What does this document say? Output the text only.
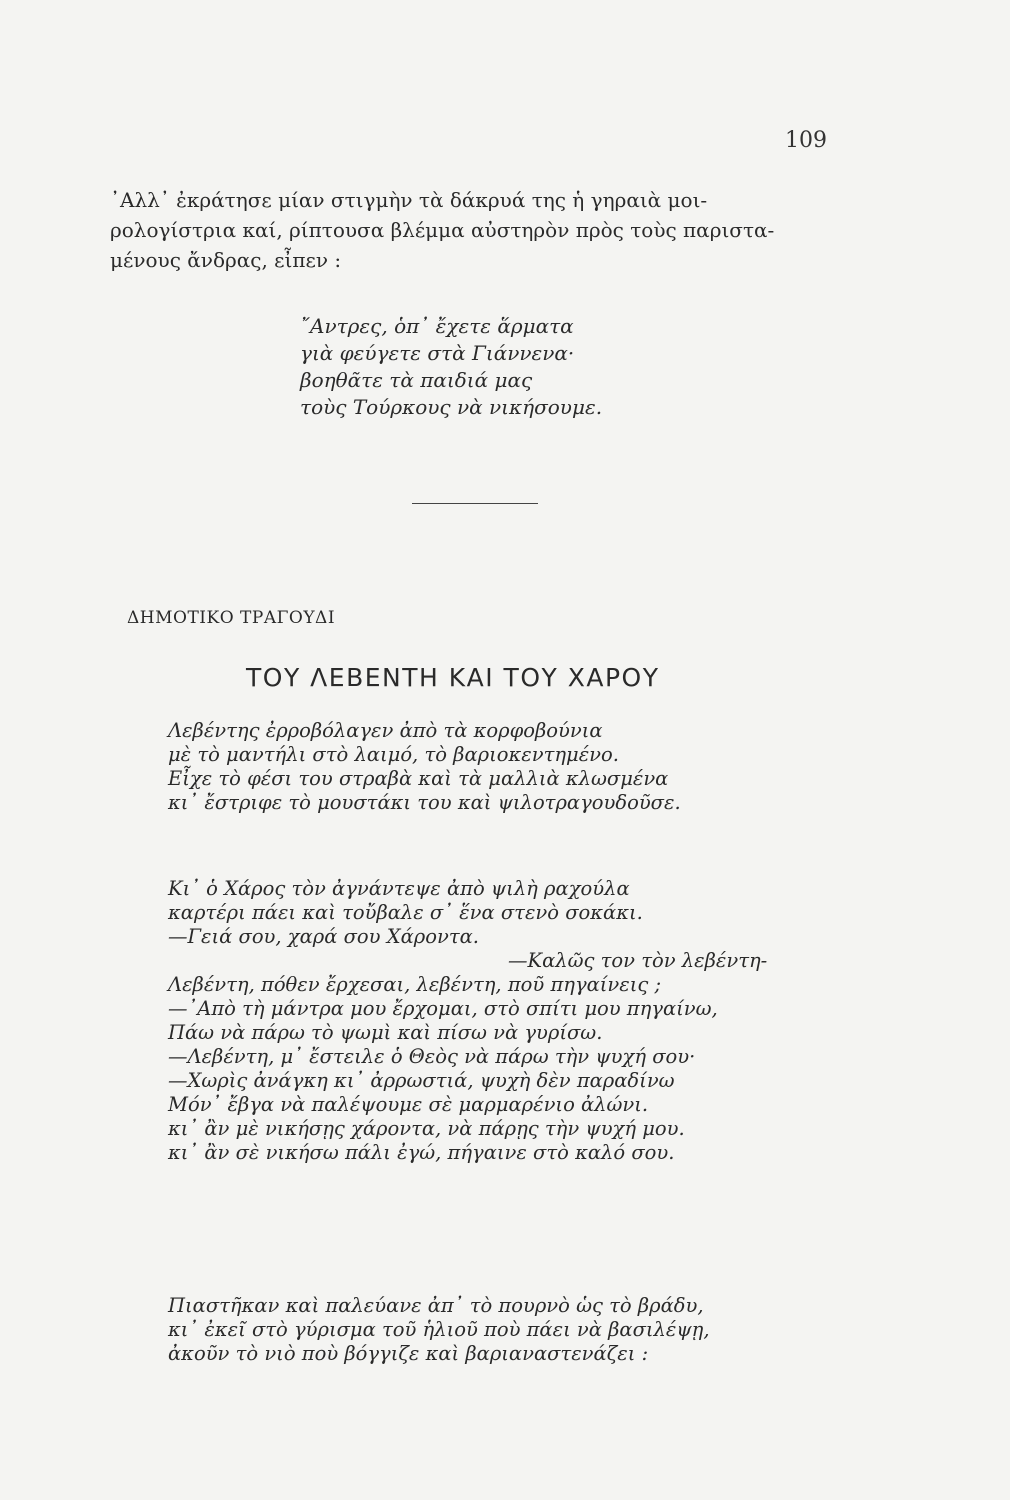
109
᾿Αλλ᾿ ἐκράτησε μίαν στιγμὴν τὰ δάκρυά της ἡ γηραιὰ μοι-
ρολογίστρια καί, ρίπτουσα βλέμμα αὐστηρὸν πρὸς τοὺς παριστα-
μένους ἄνδρας, εἶπεν :
῎Αντρες, ὁπ᾿ ἔχετε ἅρματα
γιὰ φεύγετε στὰ Γιάννενα·
βοηθᾶτε τὰ παιδιά μας
τοὺς Τούρκους νὰ νικήσουμε.
ΔΗΜΟΤΙΚΟ ΤΡΑΓΟΥΔΙ
ΤΟΥ ΛΕΒΕΝΤΗ ΚΑΙ ΤΟΥ ΧΑΡΟΥ
Λεβέντης ἐρροβόλαγεν ἀπὸ τὰ κορφοβούνια
μὲ τὸ μαντήλι στὸ λαιμό, τὸ βαριοκεντημένο.
Εἶχε τὸ φέσι του στραβὰ καὶ τὰ μαλλιὰ κλωσμένα
κι᾿ ἔστριφε τὸ μουστάκι του καὶ ψιλοτραγουδοῦσε.
Κι᾿ ὁ Χάρος τὸν ἀγνάντεψε ἀπὸ ψιλὴ ραχούλα
καρτέρι πάει καὶ τοὔβαλε σ᾿ ἕνα στενὸ σοκάκι.
—Γειά σου, χαρά σου Χάροντα.
—Καλῶς τον τὸν λεβέντη-
Λεβέντη, πόθεν ἔρχεσαι, λεβέντη, ποῦ πηγαίνεις ;
—᾿Απὸ τὴ μάντρα μου ἔρχομαι, στὸ σπίτι μου πηγαίνω,
Πάω νὰ πάρω τὸ ψωμὶ καὶ πίσω νὰ γυρίσω.
—Λεβέντη, μ᾿ ἔστειλε ὁ Θεὸς νὰ πάρω τὴν ψυχή σου·
—Χωρὶς ἀνάγκη κι᾿ ἀρρωστιά, ψυχὴ δὲν παραδίνω
Μόν᾿ ἔβγα νὰ παλέψουμε σὲ μαρμαρένιο ἀλώνι.
κι᾿ ἂν μὲ νικήσῃς χάροντα, νὰ πάρῃς τὴν ψυχή μου.
κι᾿ ἂν σὲ νικήσω πάλι ἐγώ, πήγαινε στὸ καλό σου.
Πιαστῆκαν καὶ παλεύανε ἀπ᾿ τὸ πουρνὸ ὡς τὸ βράδυ,
κι᾿ ἐκεῖ στὸ γύρισμα τοῦ ἡλιοῦ ποὺ πάει νὰ βασιλέψῃ,
ἀκοῦν τὸ νιὸ ποὺ βόγγιζε καὶ βαριαναστενάζει :
